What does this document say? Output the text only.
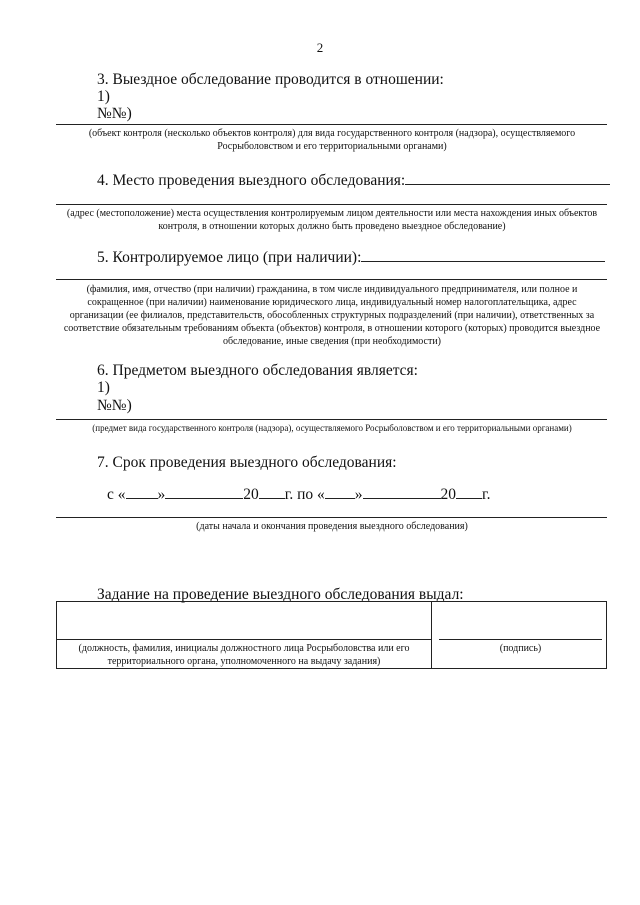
2
3. Выездное обследование проводится в отношении:
1)
№№)
(объект контроля (несколько объектов контроля) для вида государственного контроля (надзора), осуществляемого Росрыболовством и его территориальными органами)
4. Место проведения выездного обследования:
(адрес (местоположение) места осуществления контролируемым лицом деятельности или места нахождения иных объектов контроля, в отношении которых должно быть проведено выездное обследование)
5. Контролируемое лицо (при наличии):
(фамилия, имя, отчество (при наличии) гражданина, в том числе индивидуального предпринимателя, или полное и сокращенное (при наличии) наименование юридического лица, индивидуальный номер налогоплательщика, адрес организации (ее филиалов, представительств, обособленных структурных подразделений (при наличии), ответственных за соответствие обязательным требованиям объекта (объектов) контроля, в отношении которого (которых) проводится выездное обследование, иные сведения (при необходимости)
6. Предметом выездного обследования является:
1)
№№)
(предмет вида государственного контроля (надзора), осуществляемого Росрыболовством и его территориальными органами)
7. Срок проведения выездного обследования:
с « »	20 г. по « »	20 г.
(даты начала и окончания проведения выездного обследования)
Задание на проведение выездного обследования выдал:
(должность, фамилия, инициалы должностного лица Росрыболовства или его территориального органа, уполномоченного на выдачу задания)
(подпись)
